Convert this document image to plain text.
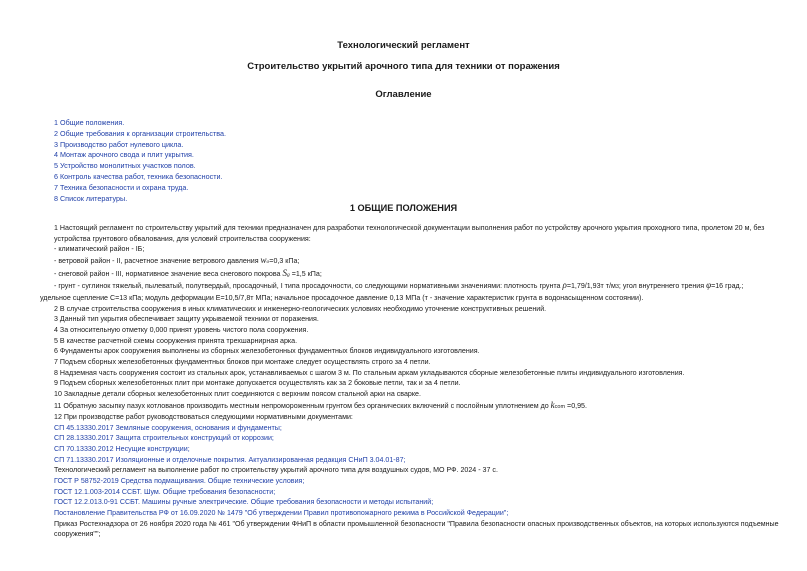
Технологический регламент
Строительство укрытий арочного типа для техники от поражения
Оглавление
1 Общие положения.
2 Общие требования к организации строительства.
3 Производство работ нулевого цикла.
4 Монтаж арочного свода и плит укрытия.
5 Устройство монолитных участков полов.
6 Контроль качества работ, техника безопасности.
7 Техника безопасности и охрана труда.
8 Список литературы.
1 ОБЩИЕ ПОЛОЖЕНИЯ

1 Настоящий регламент по строительству укрытий для техники предназначен для разработки технологической документации выполнения работ по устройству арочного укрытия проходного типа, пролетом 20 м, без устройства грунтового обвалования, для условий строительства сооружения:

- климатический район - IБ;

- ветровой район - II, расчетное значение ветрового давления wo=0,3 кПа;

- снеговой район - III, нормативное значение веса снегового покрова Sg =1,5 кПа;

- грунт - суглинок тяжелый, пылеватый, полутвердый, просадочный, I типа просадочности, со следующими нормативными значениями: плотность грунта ρ=1,79/1,93т т/м3; угол внутреннего трения φ=16 град.;

удельное сцепление C=13 кПа; модуль деформации E=10,5/7,8т МПа; начальное просадочное давление 0,13 МПа (т - значение характеристик грунта в водонасыщенном состоянии).

2 В случае строительства сооружения в иных климатических и инженерно-геологических условиях необходимо уточнение конструктивных решений.

3 Данный тип укрытия обеспечивает защиту укрываемой техники от поражения.

4 За относительную отметку 0,000 принят уровень чистого пола сооружения.

5 В качестве расчетной схемы сооружения принята трехшарнирная арка.

6 Фундаменты арок сооружения выполнены из сборных железобетонных фундаментных блоков индивидуального изготовления.

7 Подъем сборных железобетонных фундаментных блоков при монтаже следует осуществлять строго за 4 петли.

8 Надземная часть сооружения состоит из стальных арок, устанавливаемых с шагом 3 м. По стальным аркам укладываются сборные железобетонные плиты индивидуального изготовления.

9 Подъем сборных железобетонных плит при монтаже допускается осуществлять как за 2 боковые петли, так и за 4 петли.

10 Закладные детали сборных железобетонных плит соединяются с верхним поясом стальной арки на сварке.

11 Обратную засыпку пазух котлованов производить местным непромороженным грунтом без органических включений с послойным уплотнением до kcom =0,95.

12 При производстве работ руководствоваться следующими нормативными документами:

СП 45.13330.2017 Земляные сооружения, основания и фундаменты;

СП 28.13330.2017 Защита строительных конструкций от коррозии;

СП 70.13330.2012 Несущие конструкции;

СП 71.13330.2017 Изоляционные и отделочные покрытия. Актуализированная редакция СНиП 3.04.01-87;

Технологический регламент на выполнение работ по строительству укрытий арочного типа для воздушных судов, МО РФ. 2024 - 37 с.

ГОСТ Р 58752-2019 Средства подмащивания. Общие технические условия;

ГОСТ 12.1.003-2014 ССБТ. Шум. Общие требования безопасности;

ГОСТ 12.2.013.0-91 ССБТ. Машины ручные электрические. Общие требования безопасности и методы испытаний;

Постановление Правительства РФ от 16.09.2020 № 1479 "Об утверждении Правил противопожарного режима в Российской Федерации";

Приказ Ростехнадзора от 26 ноября 2020 года № 461 "Об утверждении ФНиП в области промышленной безопасности "Правила безопасности опасных производственных объектов, на которых используются подъемные сооружения"";
